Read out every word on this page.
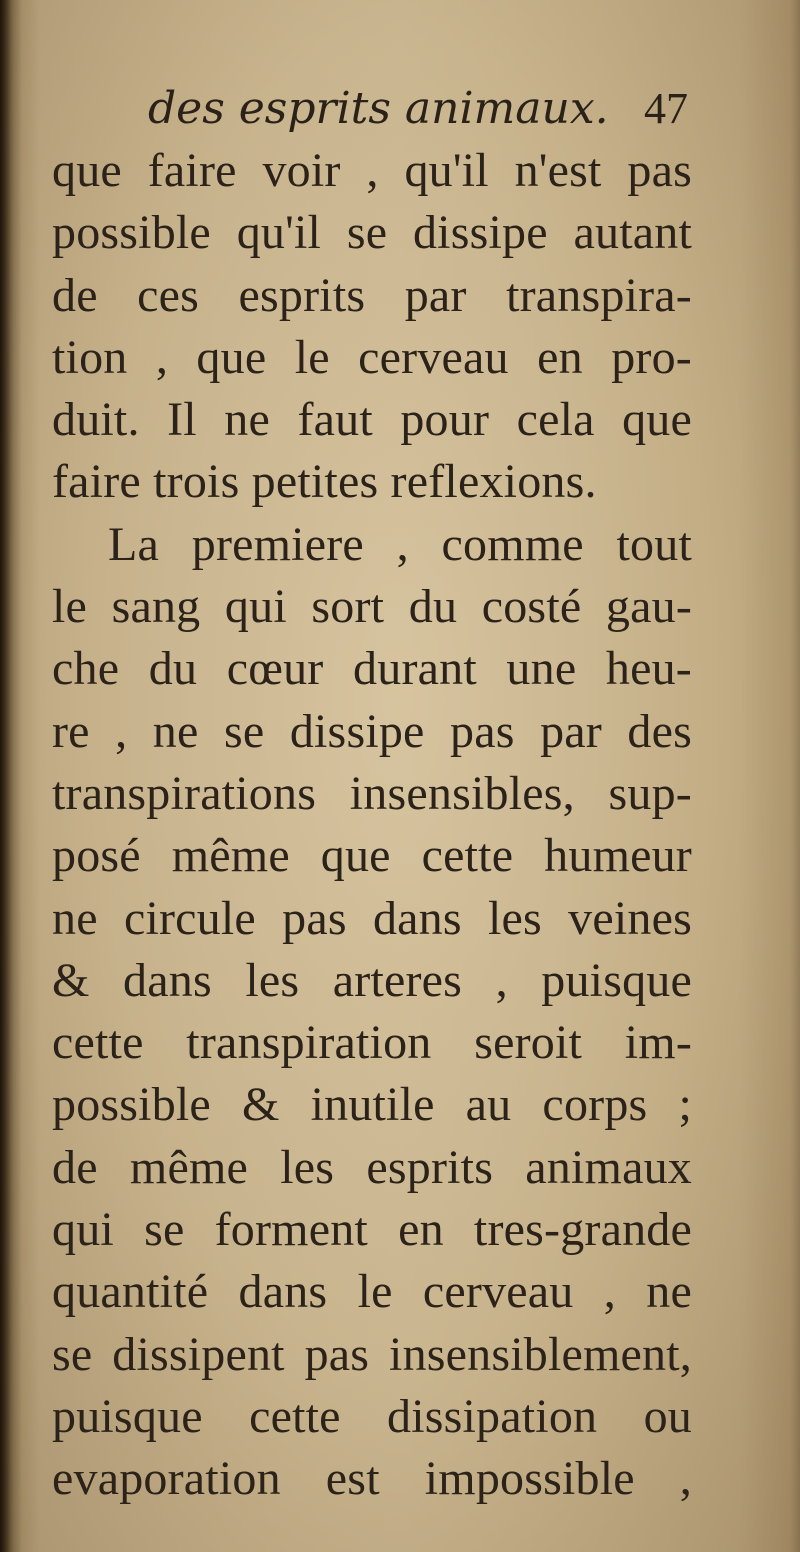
des esprits animaux. 47
que faire voir , qu'il n'est pas
possible qu'il se dissipe autant
de ces esprits par transpira-
tion , que le cerveau en pro-
duit. Il ne faut pour cela que
faire trois petites reflexions.
La premiere , comme tout
le sang qui sort du costé gau-
che du cœur durant une heu-
re , ne se dissipe pas par des
transpirations insensibles, sup-
posé même que cette humeur
ne circule pas dans les veines
& dans les arteres , puisque
cette transpiration seroit im-
possible & inutile au corps ;
de même les esprits animaux
qui se forment en tres-grande
quantité dans le cerveau , ne
se dissipent pas insensiblement,
puisque cette dissipation ou
evaporation est impossible ,
